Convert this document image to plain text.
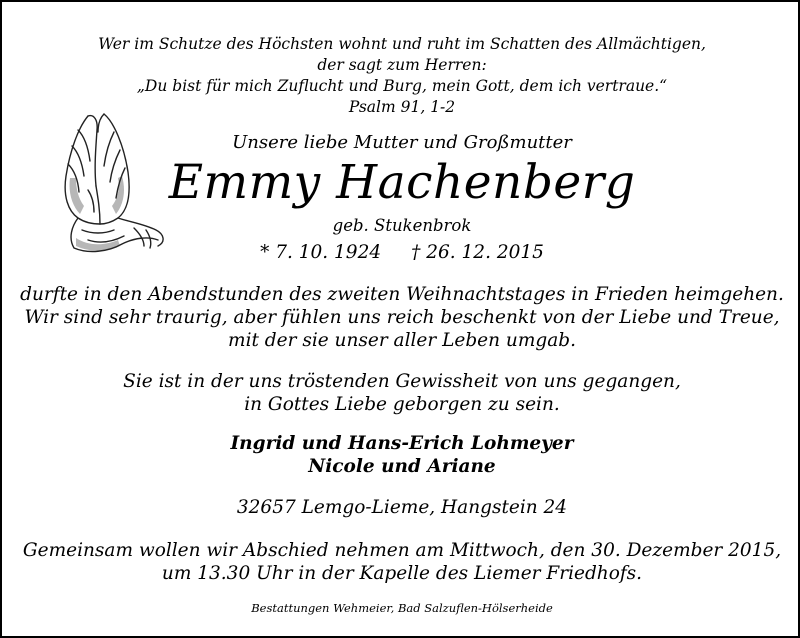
Wer im Schutze des Höchsten wohnt und ruht im Schatten des Allmächtigen,
der sagt zum Herren:
„Du bist für mich Zuflucht und Burg, mein Gott, dem ich vertraue.“
Psalm 91, 1-2
Unsere liebe Mutter und Großmutter
Emmy Hachenberg
geb. Stukenbrok
* 7. 10. 1924 † 26. 12. 2015
durfte in den Abendstunden des zweiten Weihnachtstages in Frieden heimgehen.
Wir sind sehr traurig, aber fühlen uns reich beschenkt von der Liebe und Treue,
mit der sie unser aller Leben umgab.
Sie ist in der uns tröstenden Gewissheit von uns gegangen,
in Gottes Liebe geborgen zu sein.
Ingrid und Hans-Erich Lohmeyer
Nicole und Ariane
32657 Lemgo-Lieme, Hangstein 24
Gemeinsam wollen wir Abschied nehmen am Mittwoch, den 30. Dezember 2015,
um 13.30 Uhr in der Kapelle des Liemer Friedhofs.
Bestattungen Wehmeier, Bad Salzuflen-Hölserheide
